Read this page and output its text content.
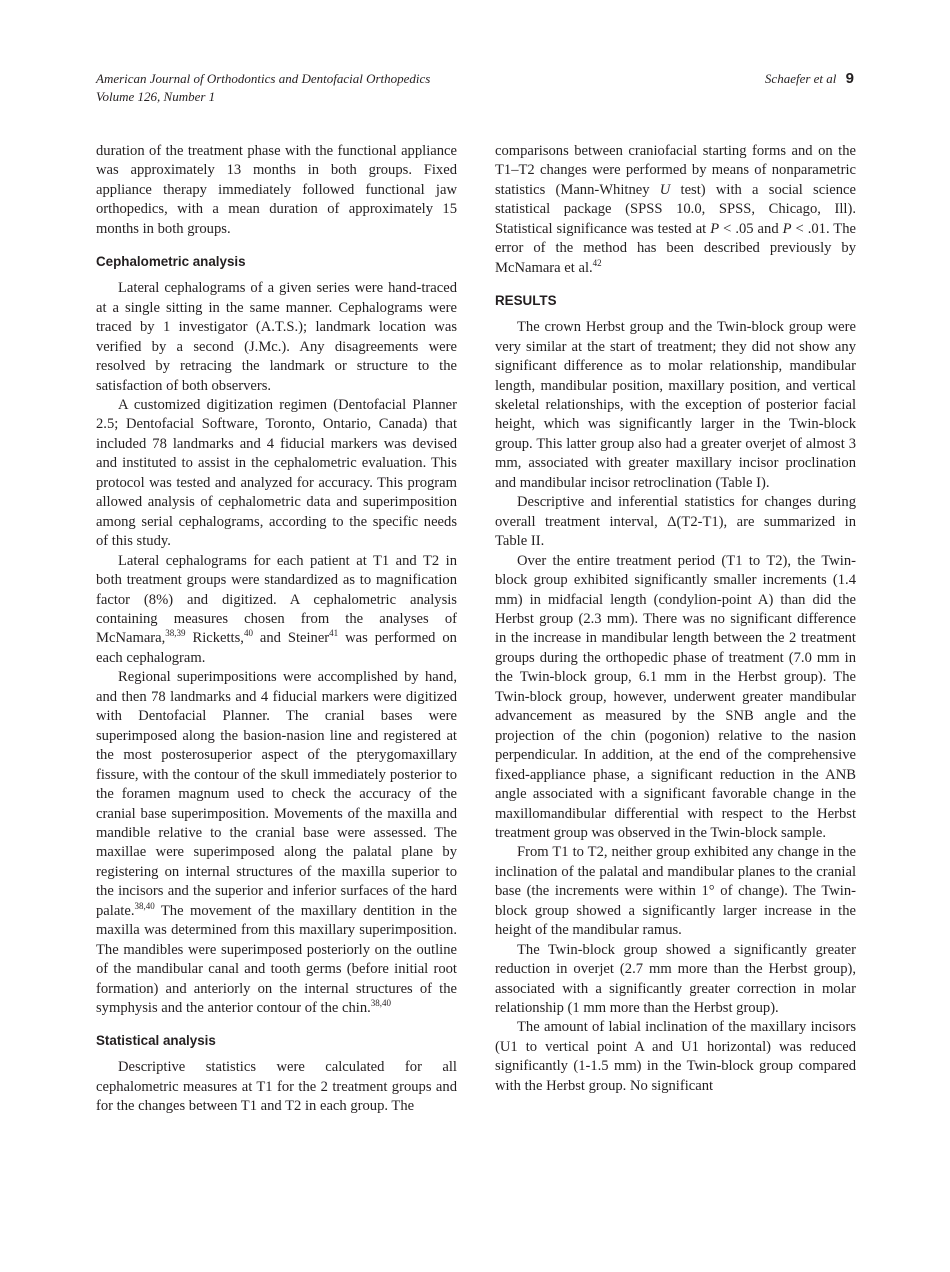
American Journal of Orthodontics and Dentofacial Orthopedics
Volume 126, Number 1
Schaefer et al 9

duration of the treatment phase with the functional appliance was approximately 13 months in both groups. Fixed appliance therapy immediately followed functional jaw orthopedics, with a mean duration of approximately 15 months in both groups.

Cephalometric analysis

Lateral cephalograms of a given series were hand-traced at a single sitting in the same manner. Cephalograms were traced by 1 investigator (A.T.S.); landmark location was verified by a second (J.Mc.). Any disagreements were resolved by retracing the landmark or structure to the satisfaction of both observers.

A customized digitization regimen (Dentofacial Planner 2.5; Dentofacial Software, Toronto, Ontario, Canada) that included 78 landmarks and 4 fiducial markers was devised and instituted to assist in the cephalometric evaluation. This protocol was tested and analyzed for accuracy. This program allowed analysis of cephalometric data and superimposition among serial cephalograms, according to the specific needs of this study.

Lateral cephalograms for each patient at T1 and T2 in both treatment groups were standardized as to magnification factor (8%) and digitized. A cephalometric analysis containing measures chosen from the analyses of McNamara,$^{38,39}$ Ricketts,$^{40}$ and Steiner$^{41}$ was performed on each cephalogram.

Regional superimpositions were accomplished by hand, and then 78 landmarks and 4 fiducial markers were digitized with Dentofacial Planner. The cranial bases were superimposed along the basion-nasion line and registered at the most posterosuperior aspect of the pterygomaxillary fissure, with the contour of the skull immediately posterior to the foramen magnum used to check the accuracy of the cranial base superimposition. Movements of the maxilla and mandible relative to the cranial base were assessed. The maxillae were superimposed along the palatal plane by registering on internal structures of the maxilla superior to the incisors and the superior and inferior surfaces of the hard palate.$^{38,40}$ The movement of the maxillary dentition in the maxilla was determined from this maxillary superimposition. The mandibles were superimposed posteriorly on the outline of the mandibular canal and tooth germs (before initial root formation) and anteriorly on the internal structures of the symphysis and the anterior contour of the chin.$^{38,40}$

Statistical analysis

Descriptive statistics were calculated for all cephalometric measures at T1 for the 2 treatment groups and for the changes between T1 and T2 in each group. The

comparisons between craniofacial starting forms and on the T1–T2 changes were performed by means of nonparametric statistics (Mann-Whitney U test) with a social science statistical package (SPSS 10.0, SPSS, Chicago, Ill). Statistical significance was tested at P < .05 and P < .01. The error of the method has been described previously by McNamara et al.$^{42}$

RESULTS

The crown Herbst group and the Twin-block group were very similar at the start of treatment; they did not show any significant difference as to molar relationship, mandibular length, mandibular position, maxillary position, and vertical skeletal relationships, with the exception of posterior facial height, which was significantly larger in the Twin-block group. This latter group also had a greater overjet of almost 3 mm, associated with greater maxillary incisor proclination and mandibular incisor retroclination (Table I).

Descriptive and inferential statistics for changes during overall treatment interval, Δ(T2-T1), are summarized in Table II.

Over the entire treatment period (T1 to T2), the Twin-block group exhibited significantly smaller increments (1.4 mm) in midfacial length (condylion-point A) than did the Herbst group (2.3 mm). There was no significant difference in the increase in mandibular length between the 2 treatment groups during the orthopedic phase of treatment (7.0 mm in the Twin-block group, 6.1 mm in the Herbst group). The Twin-block group, however, underwent greater mandibular advancement as measured by the SNB angle and the projection of the chin (pogonion) relative to the nasion perpendicular. In addition, at the end of the comprehensive fixed-appliance phase, a significant reduction in the ANB angle associated with a significant favorable change in the maxillomandibular differential with respect to the Herbst treatment group was observed in the Twin-block sample.

From T1 to T2, neither group exhibited any change in the inclination of the palatal and mandibular planes to the cranial base (the increments were within 1° of change). The Twin-block group showed a significantly larger increase in the height of the mandibular ramus.

The Twin-block group showed a significantly greater reduction in overjet (2.7 mm more than the Herbst group), associated with a significantly greater correction in molar relationship (1 mm more than the Herbst group).

The amount of labial inclination of the maxillary incisors (U1 to vertical point A and U1 horizontal) was reduced significantly (1-1.5 mm) in the Twin-block group compared with the Herbst group. No significant
